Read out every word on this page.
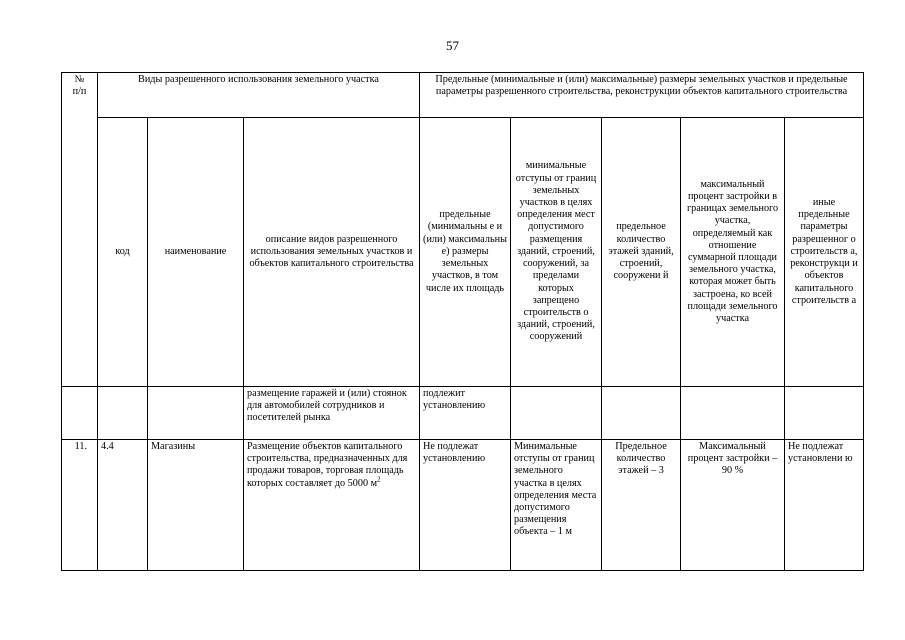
57
№
п/п	Виды разрешенного использования земельного участка			Предельные (минимальные и (или) максимальные) размеры земельных участков и предельные параметры разрешенного строительства, реконструкции объектов капитального строительства				
	код	наименование	описание видов разрешенного использования земельных участков и объектов капитального строительства	предельные (минимальны е и (или) максимальны е) размеры земельных участков, в том числе их площадь	минимальные отступы от границ земельных участков в целях определения мест допустимого размещения зданий, строений, сооружений, за пределами которых запрещено строительств о зданий, строений, сооружений	предельное количество этажей зданий, строений, сооружени й	максимальный процент застройки в границах земельного участка, определяемый как отношение суммарной площади земельного участка, которая может быть застроена, ко всей площади земельного участка	иные предельные параметры разрешенног о строительств а, реконструкци и объектов капитального строительств а
			размещение гаражей и (или) стоянок для автомобилей сотрудников и посетителей рынка	подлежит установлению				
11.	4.4	Магазины	Размещение объектов капитального строительства, предназначенных для продажи товаров, торговая площадь которых составляет до 5000 $м^2$	Не подлежат установлению	Минимальные отступы от границ земельного участка в целях определения места допустимого размещения объекта – 1 м	Предельное количество этажей – 3	Максимальный процент застройки – 90 %	Не подлежат установлени ю
